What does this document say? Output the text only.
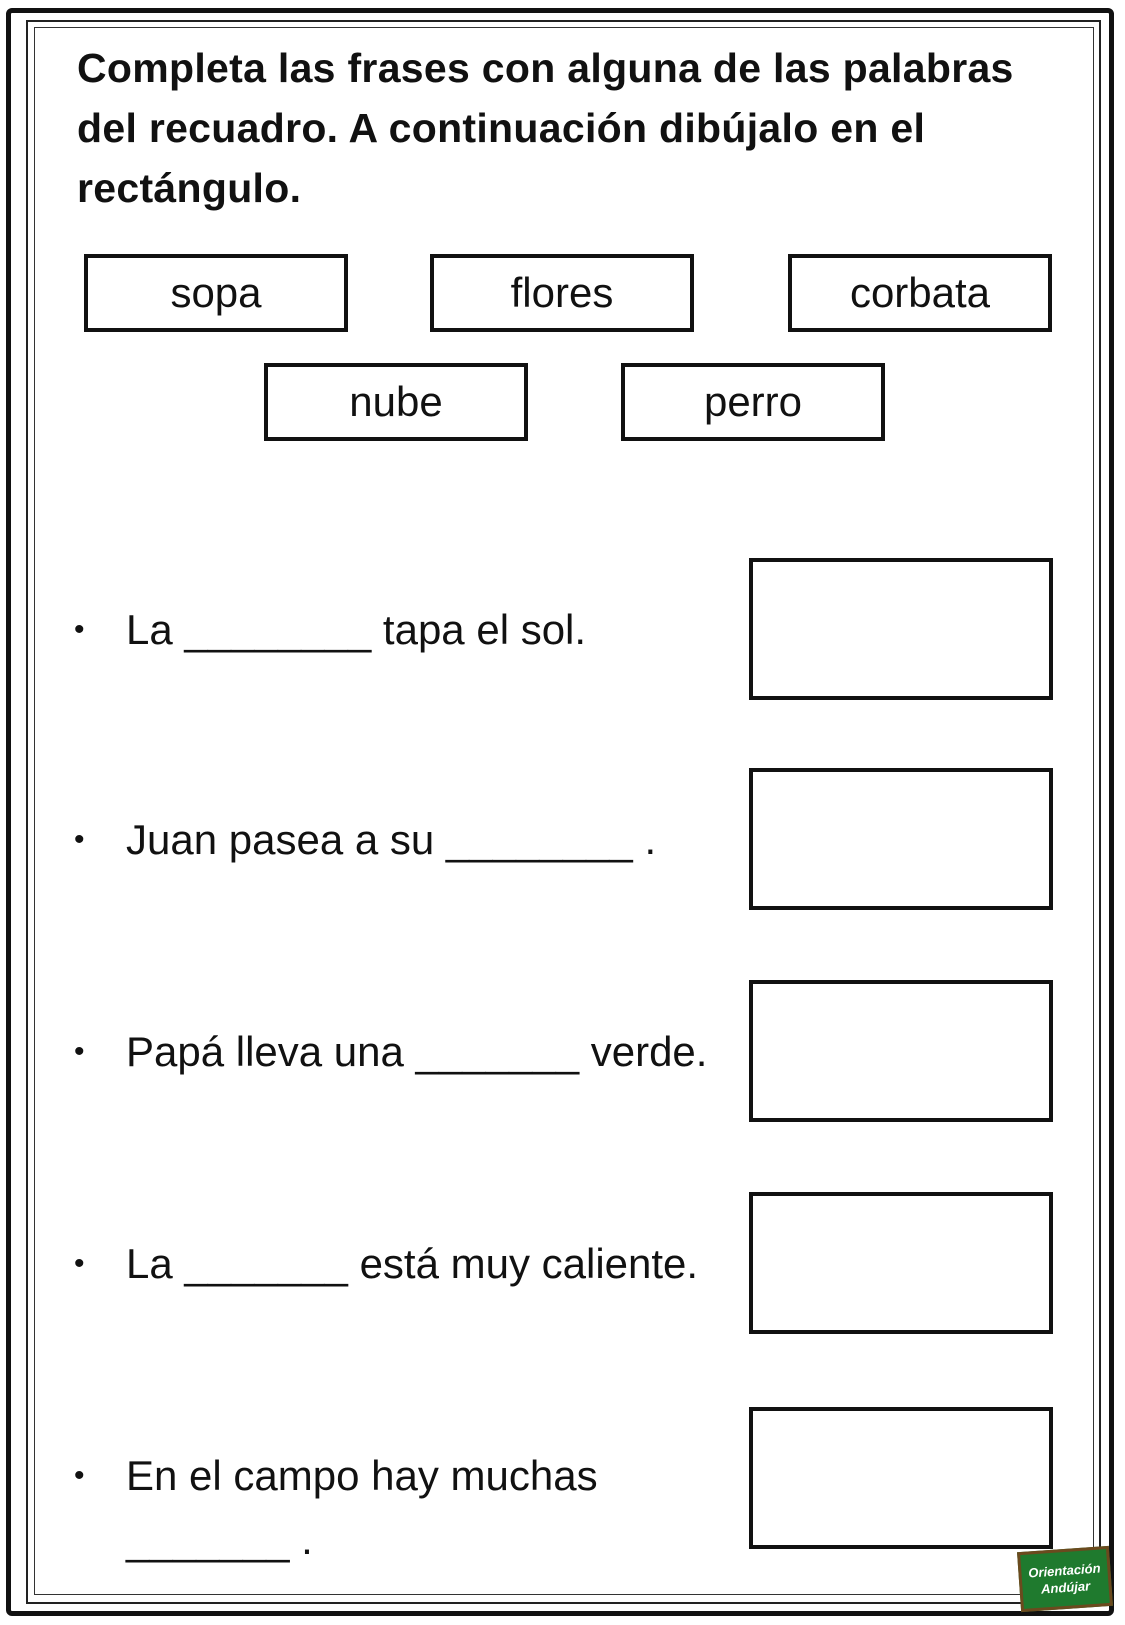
Completa las frases con alguna de las palabras del recuadro. A continuación dibújalo en el rectángulo.

sopa	flores	corbata
nube	perro
• La ________ tapa el sol.
• Juan pasea a su ________ .
• Papá lleva una _______ verde.
• La _______ está muy caliente.
• En el campo hay muchas _______ .
Orientación
Andújar
